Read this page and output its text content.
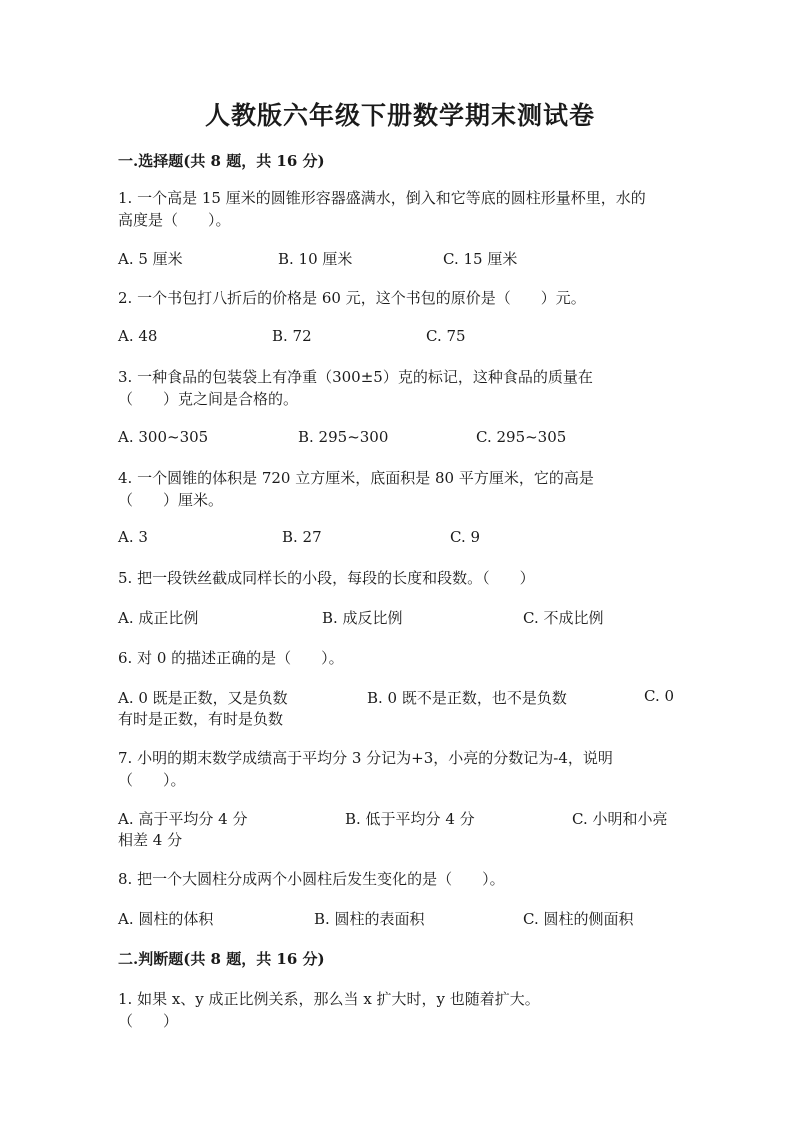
人教版六年级下册数学期末测试卷
一.选择题(共 8 题，共 16 分)
1. 一个高是 15 厘米的圆锥形容器盛满水，倒入和它等底的圆柱形量杯里，水的
高度是（　　）。
A. 5 厘米	B. 10 厘米	C. 15 厘米
2. 一个书包打八折后的价格是 60 元，这个书包的原价是（　　）元。
A. 48	B. 72	C. 75
3. 一种食品的包装袋上有净重（300±5）克的标记，这种食品的质量在
（　　）克之间是合格的。
A. 300~305	B. 295~300	C. 295~305
4. 一个圆锥的体积是 720 立方厘米，底面积是 80 平方厘米，它的高是
（　　）厘米。
A. 3	B. 27	C. 9
5. 把一段铁丝截成同样长的小段，每段的长度和段数。（　　）
A. 成正比例	B. 成反比例	C. 不成比例
6. 对 0 的描述正确的是（　　）。
A. 0 既是正数，又是负数	B. 0 既不是正数，也不是负数	C. 0
有时是正数，有时是负数
7. 小明的期末数学成绩高于平均分 3 分记为+3，小亮的分数记为-4，说明
（　　）。
A. 高于平均分 4 分	B. 低于平均分 4 分	C. 小明和小亮
相差 4 分
8. 把一个大圆柱分成两个小圆柱后发生变化的是（　　）。
A. 圆柱的体积	B. 圆柱的表面积	C. 圆柱的侧面积
二.判断题(共 8 题，共 16 分)
1. 如果 x、y 成正比例关系，那么当 x 扩大时，y 也随着扩大。
（　　）
